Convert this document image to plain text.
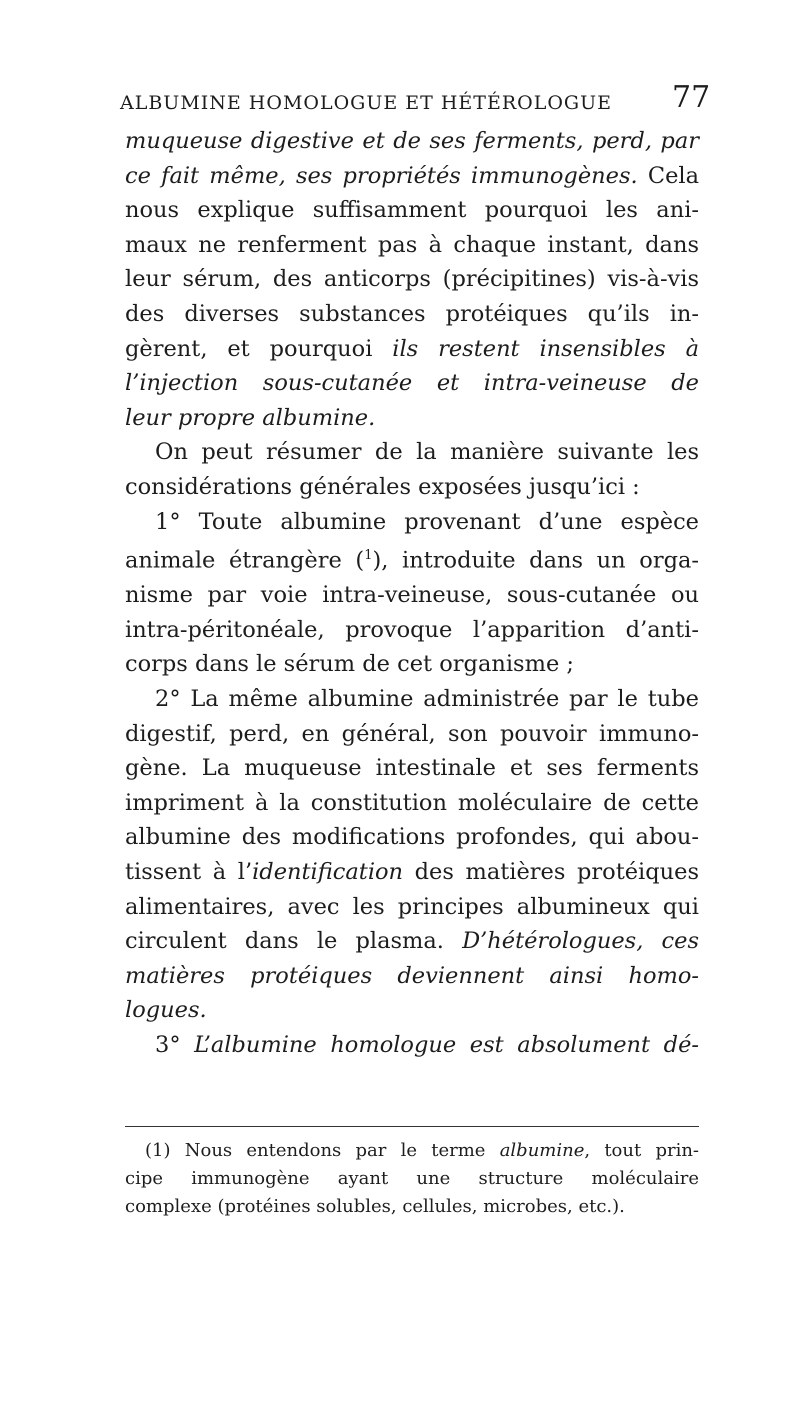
ALBUMINE HOMOLOGUE ET HÉTÉROLOGUE	77
muqueuse digestive et de ses ferments, perd, par
ce fait même, ses propriétés immunogènes. Cela
nous explique suffisamment pourquoi les ani-
maux ne renferment pas à chaque instant, dans
leur sérum, des anticorps (précipitines) vis-à-vis
des diverses substances protéiques qu’ils in-
gèrent, et pourquoi ils restent insensibles à
l’injection sous-cutanée et intra-veineuse de
leur propre albumine.
On peut résumer de la manière suivante les
considérations générales exposées jusqu’ici :
1° Toute albumine provenant d’une espèce
animale étrangère ($^1$), introduite dans un orga-
nisme par voie intra-veineuse, sous-cutanée ou
intra-péritonéale, provoque l’apparition d’anti-
corps dans le sérum de cet organisme ;
2° La même albumine administrée par le tube
digestif, perd, en général, son pouvoir immuno-
gène. La muqueuse intestinale et ses ferments
impriment à la constitution moléculaire de cette
albumine des modifications profondes, qui abou-
tissent à l’identification des matières protéiques
alimentaires, avec les principes albumineux qui
circulent dans le plasma. D’hétérologues, ces
matières protéiques deviennent ainsi homo-
logues.
3° L’albumine homologue est absolument dé-
(1) Nous entendons par le terme albumine, tout prin-
cipe immunogène ayant une structure moléculaire
complexe (protéines solubles, cellules, microbes, etc.).
